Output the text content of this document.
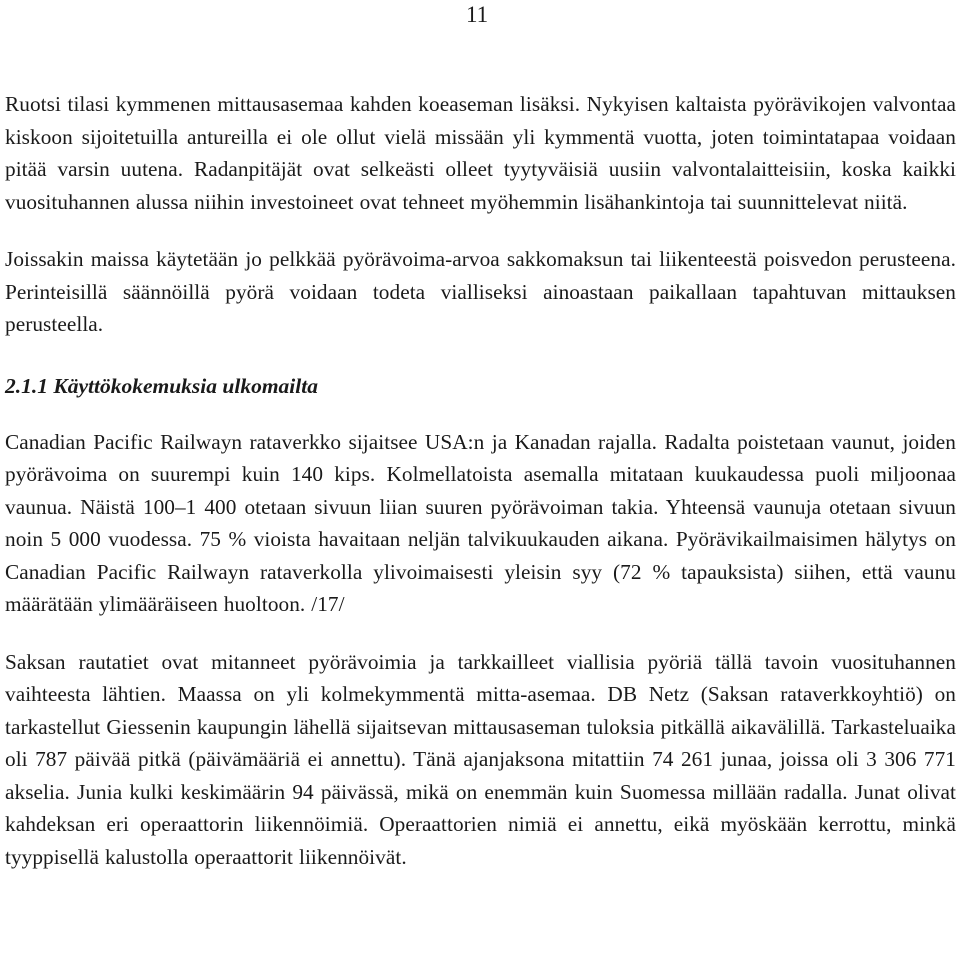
11

Ruotsi tilasi kymmenen mittausasemaa kahden koeaseman lisäksi. Nykyisen kaltaista pyörävikojen valvontaa kiskoon sijoitetuilla antureilla ei ole ollut vielä missään yli kymmentä vuotta, joten toimintatapaa voidaan pitää varsin uutena. Radanpitäjät ovat selkeästi olleet tyytyväisiä uusiin valvontalaitteisiin, koska kaikki vuosituhannen alussa niihin investoineet ovat tehneet myöhemmin lisähankintoja tai suunnittelevat niitä.

Joissakin maissa käytetään jo pelkkää pyörävoima-arvoa sakkomaksun tai liikenteestä poisvedon perusteena. Perinteisillä säännöillä pyörä voidaan todeta vialliseksi ainoastaan paikallaan tapahtuvan mittauksen perusteella.

2.1.1 Käyttökokemuksia ulkomailta

Canadian Pacific Railwayn rataverkko sijaitsee USA:n ja Kanadan rajalla. Radalta poistetaan vaunut, joiden pyörävoima on suurempi kuin 140 kips. Kolmellatoista asemalla mitataan kuukaudessa puoli miljoonaa vaunua. Näistä 100–1 400 otetaan sivuun liian suuren pyörävoiman takia. Yhteensä vaunuja otetaan sivuun noin 5 000 vuodessa. 75 % vioista havaitaan neljän talvikuukauden aikana. Pyörävikailmaisimen hälytys on Canadian Pacific Railwayn rataverkolla ylivoimaisesti yleisin syy (72 % tapauksista) siihen, että vaunu määrätään ylimääräiseen huoltoon. /17/

Saksan rautatiet ovat mitanneet pyörävoimia ja tarkkailleet viallisia pyöriä tällä tavoin vuosituhannen vaihteesta lähtien. Maassa on yli kolmekymmentä mitta-asemaa. DB Netz (Saksan rataverkkoyhtiö) on tarkastellut Giessenin kaupungin lähellä sijaitsevan mittausaseman tuloksia pitkällä aikavälillä. Tarkasteluaika oli 787 päivää pitkä (päivämääriä ei annettu). Tänä ajanjaksona mitattiin 74 261 junaa, joissa oli 3 306 771 akselia. Junia kulki keskimäärin 94 päivässä, mikä on enemmän kuin Suomessa millään radalla. Junat olivat kahdeksan eri operaattorin liikennöimiä. Operaattorien nimiä ei annettu, eikä myöskään kerrottu, minkä tyyppisellä kalustolla operaattorit liikennöivät.
